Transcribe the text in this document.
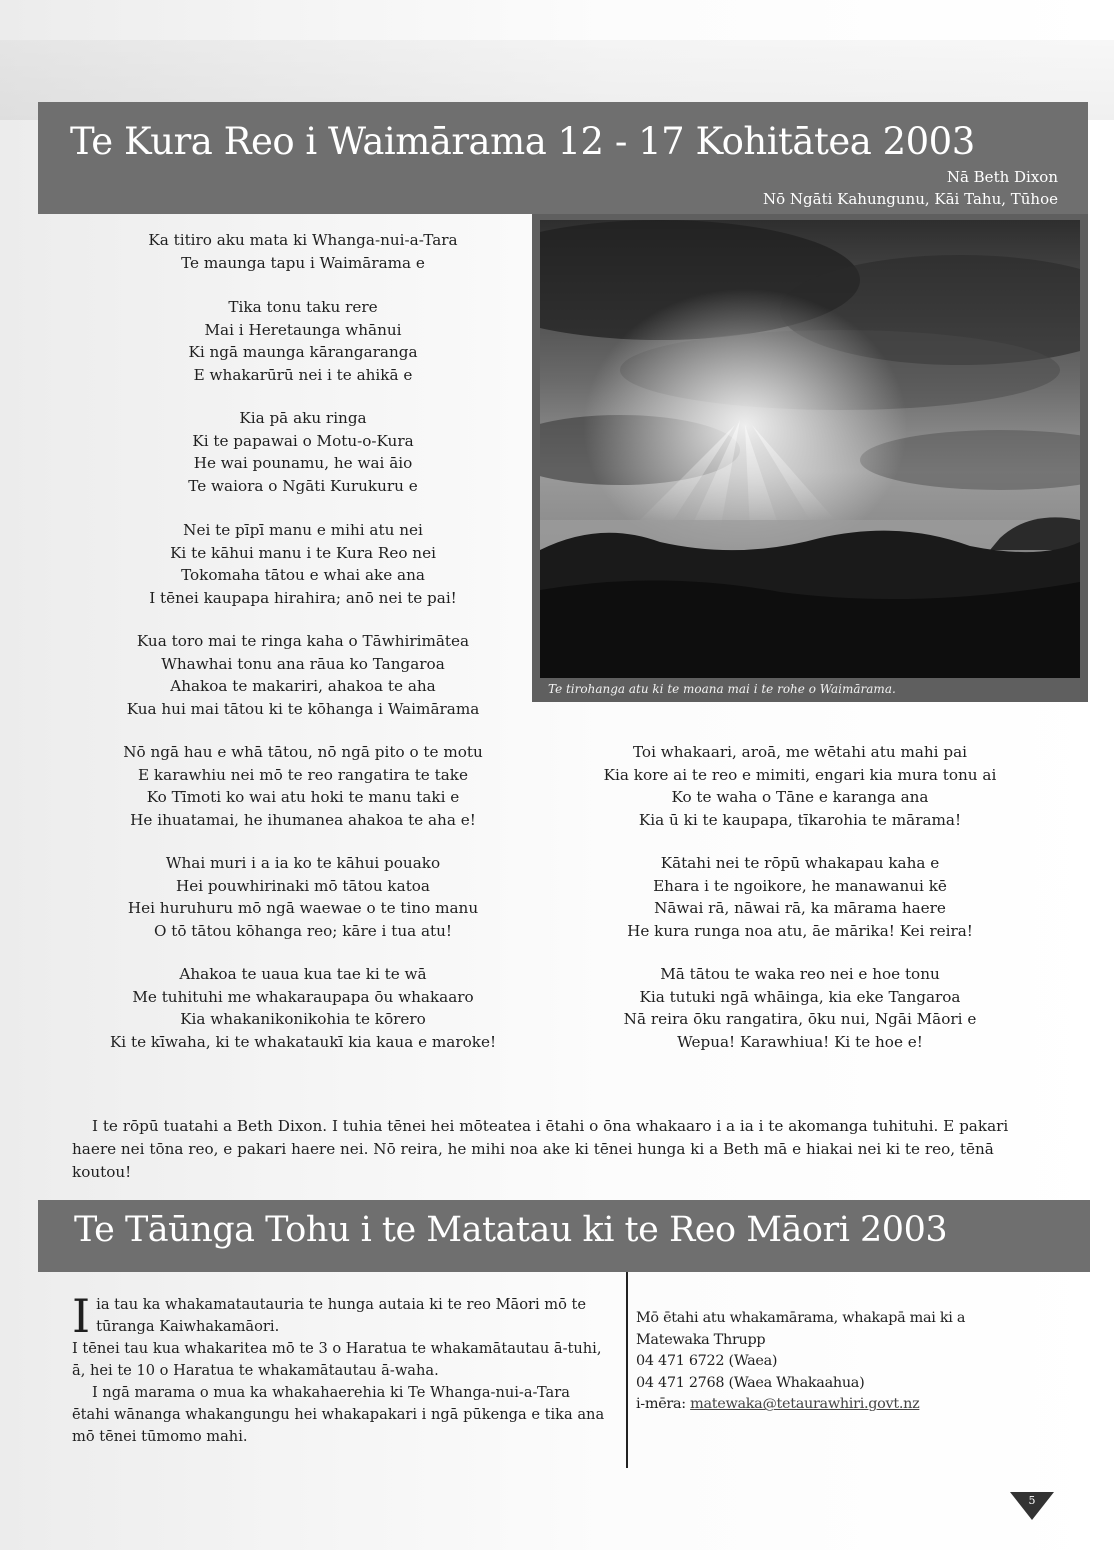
Te Kura Reo i Waimārama 12 - 17 Kohitātea 2003
Nā Beth Dixon
Nō Ngāti Kahungunu, Kāi Tahu, Tūhoe
Te tirohanga atu ki te moana mai i te rohe o Waimārama.
Ka titiro aku mata ki Whanga-nui-a-Tara
Te maunga tapu i Waimārama e
Tika tonu taku rere
Mai i Heretaunga whānui
Ki ngā maunga kārangaranga
E whakarūrū nei i te ahikā e
Kia pā aku ringa
Ki te papawai o Motu-o-Kura
He wai pounamu, he wai āio
Te waiora o Ngāti Kurukuru e
Nei te pīpī manu e mihi atu nei
Ki te kāhui manu i te Kura Reo nei
Tokomaha tātou e whai ake ana
I tēnei kaupapa hirahira; anō nei te pai!
Kua toro mai te ringa kaha o Tāwhirimātea
Whawhai tonu ana rāua ko Tangaroa
Ahakoa te makariri, ahakoa te aha
Kua hui mai tātou ki te kōhanga i Waimārama
Nō ngā hau e whā tātou, nō ngā pito o te motu
E karawhiu nei mō te reo rangatira te take
Ko Tīmoti ko wai atu hoki te manu taki e
He ihuatamai, he ihumanea ahakoa te aha e!
Whai muri i a ia ko te kāhui pouako
Hei pouwhirinaki mō tātou katoa
Hei huruhuru mō ngā waewae o te tino manu
O tō tātou kōhanga reo; kāre i tua atu!
Ahakoa te uaua kua tae ki te wā
Me tuhituhi me whakaraupapa ōu whakaaro
Kia whakanikonikohia te kōrero
Ki te kīwaha, ki te whakataukī kia kaua e maroke!
Toi whakaari, aroā, me wētahi atu mahi pai
Kia kore ai te reo e mimiti, engari kia mura tonu ai
Ko te waha o Tāne e karanga ana
Kia ū ki te kaupapa, tīkarohia te mārama!
Kātahi nei te rōpū whakapau kaha e
Ehara i te ngoikore, he manawanui kē
Nāwai rā, nāwai rā, ka mārama haere
He kura runga noa atu, āe mārika! Kei reira!
Mā tātou te waka reo nei e hoe tonu
Kia tutuki ngā whāinga, kia eke Tangaroa
Nā reira ōku rangatira, ōku nui, Ngāi Māori e
Wepua! Karawhiua! Ki te hoe e!

I te rōpū tuatahi a Beth Dixon. I tuhia tēnei hei mōteatea i ētahi o ōna whakaaro i a ia i te akomanga tuhituhi. E pakari haere nei tōna reo, e pakari haere nei. Nō reira, he mihi noa ake ki tēnei hunga ki a Beth mā e hiakai nei ki te reo, tēnā koutou!

Te Tāūnga Tohu i te Matatau ki te Reo Māori 2003

I ia tau ka whakamatautauria te hunga autaia ki te reo Māori mō te tūranga Kaiwhakamāori.

I tēnei tau kua whakaritea mō te 3 o Haratua te whakamātautau ā-tuhi, ā, hei te 10 o Haratua te whakamātautau ā-waha.

I ngā marama o mua ka whakahaerehia ki Te Whanga-nui-a-Tara ētahi wānanga whakangungu hei whakapakari i ngā pūkenga e tika ana mō tēnei tūmomo mahi.

Mō ētahi atu whakamārama, whakapā mai ki a
Matewaka Thrupp
04 471 6722 (Waea)
04 471 2768 (Waea Whakaahua)
i-mēra: matewaka@tetaurawhiri.govt.nz
5
